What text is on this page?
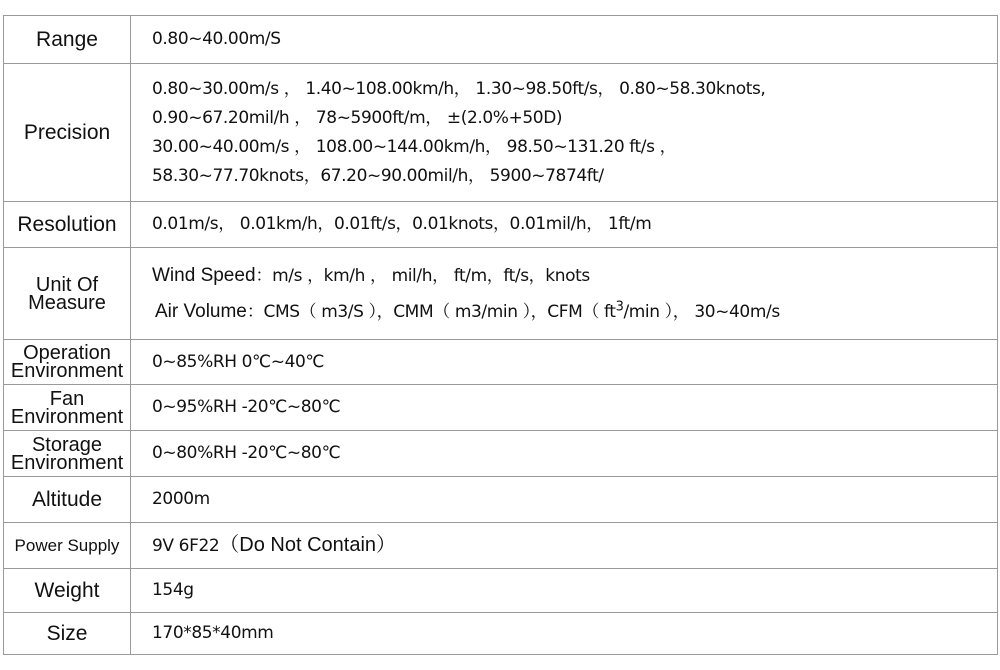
Range	0.80~40.00m/S
Precision	0.80~30.00m/s ， 1.40~108.00km/h， 1.30~98.50ft/s， 0.80~58.30knots,
0.90~67.20mil/h ， 78~5900ft/m， ±(2.0%+50D)
30.00~40.00m/s ， 108.00~144.00km/h， 98.50~131.20 ft/s ，
58.30~77.70knots，67.20~90.00mil/h， 5900~7874ft/

Resolution	0.01m/s， 0.01km/h，0.01ft/s，0.01knots，0.01mil/h， 1ft/m

Unit Of
Measure	Wind Speed：m/s ，km/h ， mil/h， ft/m，ft/s，knots
Air Volume：CMS（ m3/S ），CMM（ m3/min ），CFM（ $ft^3/\min$ ）， 30~40m/s

Operation
Environment	0~85%RH 0℃~40℃

Fan
Environment	0~95%RH -20℃~80℃

Storage
Environment	0~80%RH -20℃~80℃
Altitude	2000m
Power Supply	9V 6F22（Do Not Contain）
Weight	154g
Size	170*85*40mm
